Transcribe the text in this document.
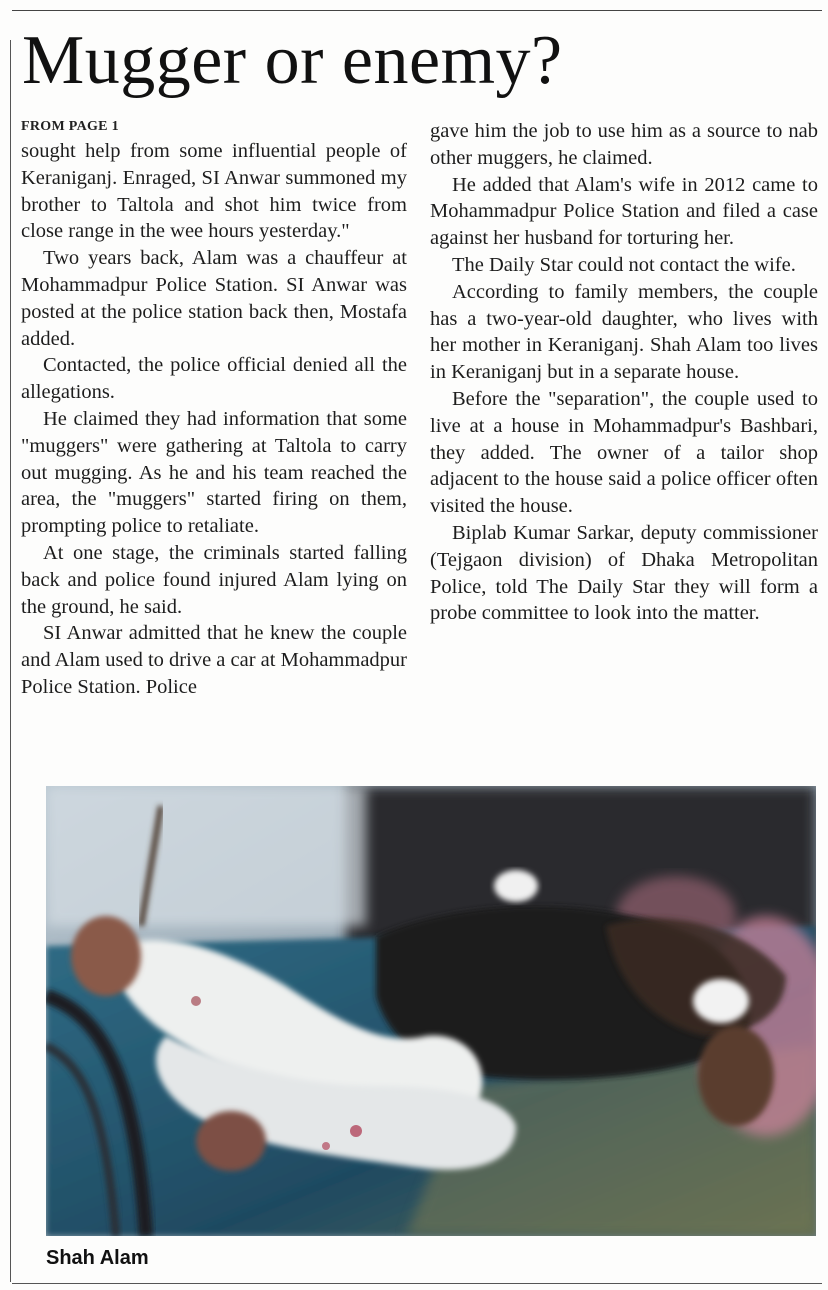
Mugger or enemy?
FROM PAGE 1

sought help from some influential people of Keraniganj. Enraged, SI Anwar summoned my brother to Taltola and shot him twice from close range in the wee hours yesterday."

Two years back, Alam was a chauffeur at Mohammadpur Police Station. SI Anwar was posted at the police station back then, Mostafa added.

Contacted, the police official denied all the allegations.

He claimed they had information that some "muggers" were gathering at Taltola to carry out mugging. As he and his team reached the area, the "muggers" started firing on them, prompting police to retaliate.

At one stage, the criminals started falling back and police found injured Alam lying on the ground, he said.

SI Anwar admitted that he knew the couple and Alam used to drive a car at Mohammadpur Police Station. Police

gave him the job to use him as a source to nab other muggers, he claimed.

He added that Alam's wife in 2012 came to Mohammadpur Police Station and filed a case against her husband for torturing her.

The Daily Star could not contact the wife.

According to family members, the couple has a two-year-old daughter, who lives with her mother in Keraniganj. Shah Alam too lives in Keraniganj but in a separate house.

Before the "separation", the couple used to live at a house in Mohammadpur's Bashbari, they added. The owner of a tailor shop adjacent to the house said a police officer often visited the house.

Biplab Kumar Sarkar, deputy commissioner (Tejgaon division) of Dhaka Metropolitan Police, told The Daily Star they will form a probe committee to look into the matter.

Shah Alam
